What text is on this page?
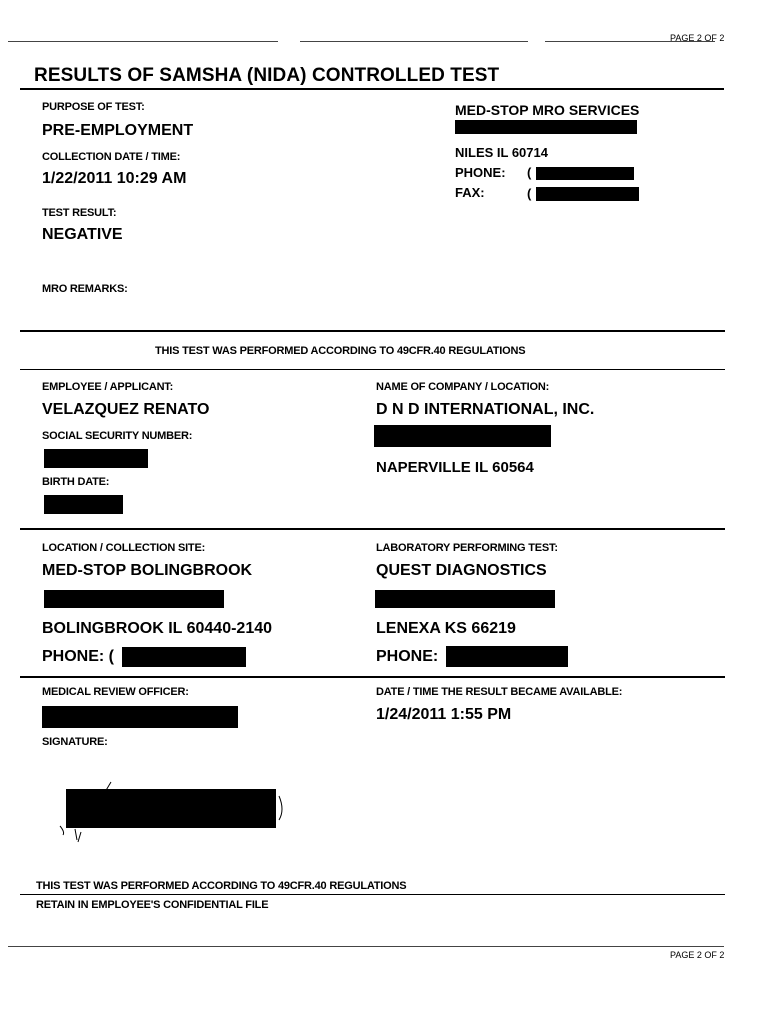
PAGE 2 OF 2
RESULTS OF SAMSHA (NIDA) CONTROLLED TEST
PURPOSE OF TEST:
PRE-EMPLOYMENT
COLLECTION DATE / TIME:
1/22/2011 10:29 AM
TEST RESULT:
NEGATIVE
MRO REMARKS:
MED-STOP MRO SERVICES
NILES IL 60714
PHONE: (
FAX:	(
THIS TEST WAS PERFORMED ACCORDING TO 49CFR.40 REGULATIONS
EMPLOYEE / APPLICANT:
VELAZQUEZ RENATO
SOCIAL SECURITY NUMBER:
BIRTH DATE:
NAME OF COMPANY / LOCATION:
D N D INTERNATIONAL, INC.
NAPERVILLE IL 60564
LOCATION / COLLECTION SITE:
MED-STOP BOLINGBROOK
BOLINGBROOK IL 60440-2140
PHONE: (
LABORATORY PERFORMING TEST:
QUEST DIAGNOSTICS
LENEXA KS 66219
PHONE:
MEDICAL REVIEW OFFICER:	DATE / TIME THE RESULT BECAME AVAILABLE:
1/24/2011 1:55 PM
SIGNATURE:
THIS TEST WAS PERFORMED ACCORDING TO 49CFR.40 REGULATIONS
RETAIN IN EMPLOYEE'S CONFIDENTIAL FILE
PAGE 2 OF 2
